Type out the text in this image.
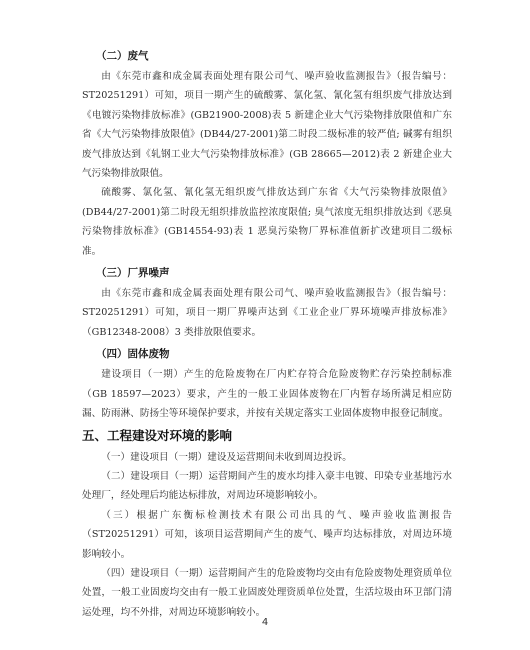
（二）废气

由《东莞市鑫和成金属表面处理有限公司气、噪声验收监测报告》（报告编号：ST20251291）可知，项目一期产生的硫酸雾、氯化氢、氰化氢有组织废气排放达到《电镀污染物排放标准》(GB21900-2008)表 5 新建企业大气污染物排放限值和广东省《大气污染物排放限值》(DB44/27-2001)第二时段二级标准的较严值; 碱雾有组织废气排放达到《轧钢工业大气污染物排放标准》(GB 28665—2012)表 2 新建企业大气污染物排放限值。

硫酸雾、氯化氢、氰化氢无组织废气排放达到广东省《大气污染物排放限值》(DB44/27-2001)第二时段无组织排放监控浓度限值; 臭气浓度无组织排放达到《恶臭污染物排放标准》(GB14554-93)表 1 恶臭污染物厂界标准值新扩改建项目二级标准。

（三）厂界噪声

由《东莞市鑫和成金属表面处理有限公司气、噪声验收监测报告》（报告编号：ST20251291）可知，项目一期厂界噪声达到《工业企业厂界环境噪声排放标准》（GB12348-2008）3 类排放限值要求。

（四）固体废物

建设项目（一期）产生的危险废物在厂内贮存符合危险废物贮存污染控制标准 （GB 18597—2023）要求，产生的一般工业固体废物在厂内暂存场所满足相应防漏、防雨淋、防扬尘等环境保护要求，并按有关规定落实工业固体废物申报登记制度。

五、工程建设对环境的影响

（一）建设项目（一期）建设及运营期间未收到周边投诉。

（二）建设项目（一期）运营期间产生的废水均排入豪丰电镀、印染专业基地污水处理厂，经处理后均能达标排放，对周边环境影响较小。

（三）根据广东衡标检测技术有限公司出具的气、噪声验收监测报告（ST20251291）可知，该项目运营期间产生的废气、噪声均达标排放，对周边环境影响较小。

（四）建设项目（一期）运营期间产生的危险废物均交由有危险废物处理资质单位处置，一般工业固废均交由有一般工业固废处理资质单位处置，生活垃圾由环卫部门清运处理，均不外排，对周边环境影响较小。

4
